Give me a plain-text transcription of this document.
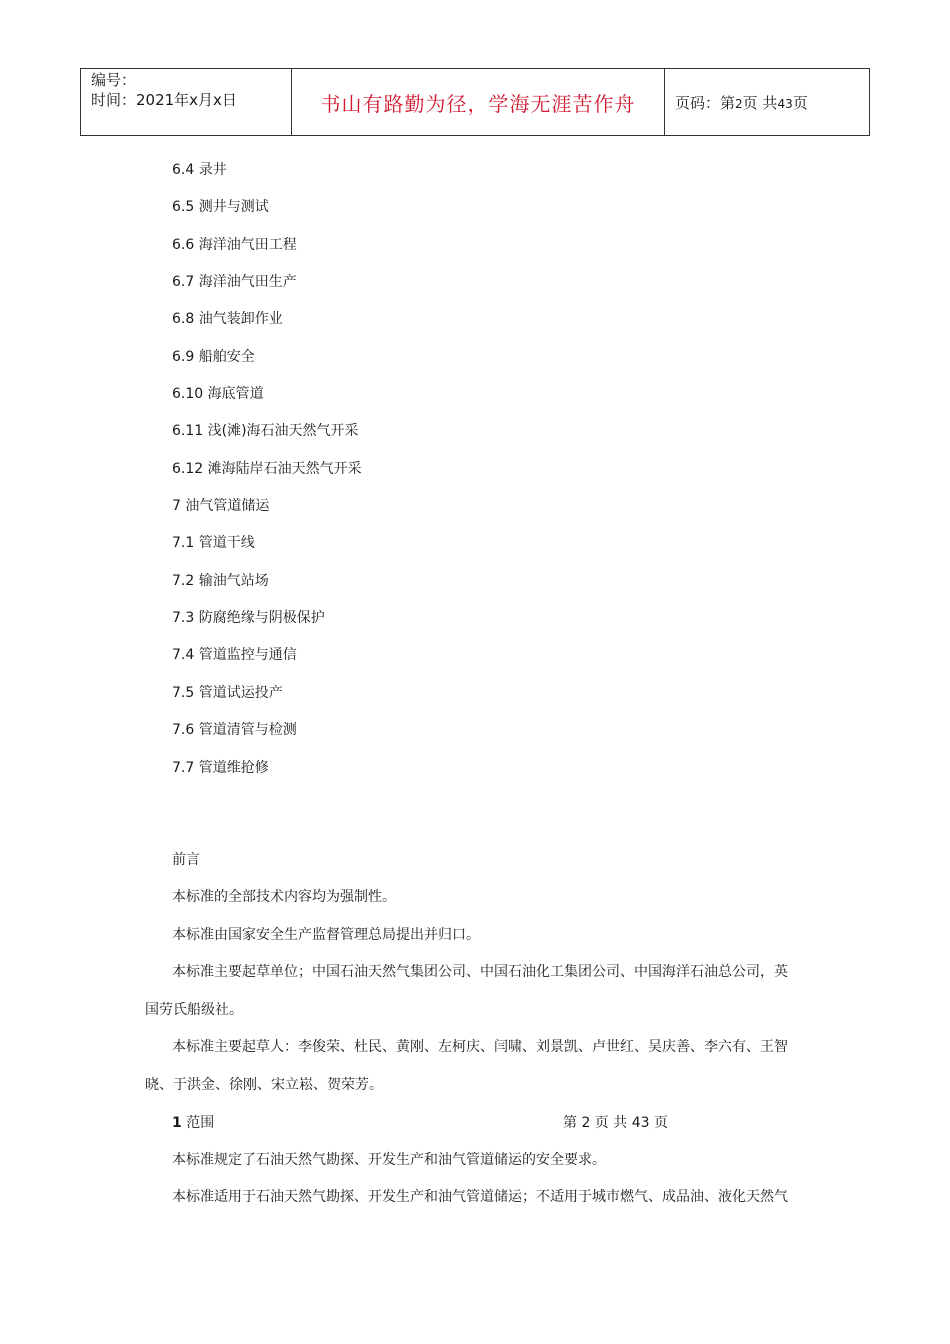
编号：
时间：2021年x月x日	书山有路勤为径，学海无涯苦作舟	页码：第2页 共43页
6.4 录井
6.5 测井与测试
6.6 海洋油气田工程
6.7 海洋油气田生产
6.8 油气装卸作业
6.9 船舶安全
6.10 海底管道
6.11 浅(滩)海石油天然气开采
6.12 滩海陆岸石油天然气开采
7 油气管道储运
7.1 管道干线
7.2 输油气站场
7.3 防腐绝缘与阴极保护
7.4 管道监控与通信
7.5 管道试运投产
7.6 管道清管与检测
7.7 管道维抢修
前言
本标准的全部技术内容均为强制性。
本标准由国家安全生产监督管理总局提出并归口。
本标准主要起草单位；中国石油天然气集团公司、中国石油化工集团公司、中国海洋石油总公司，英
国劳氏船级社。
本标准主要起草人：李俊荣、杜民、黄刚、左柯庆、闫啸、刘景凯、卢世红、吴庆善、李六有、王智
晓、于洪金、徐刚、宋立崧、贺荣芳。
1 范围	第 2 页 共 43 页
本标准规定了石油天然气勘探、开发生产和油气管道储运的安全要求。
本标准适用于石油天然气勘探、开发生产和油气管道储运；不适用于城市燃气、成品油、液化天然气
